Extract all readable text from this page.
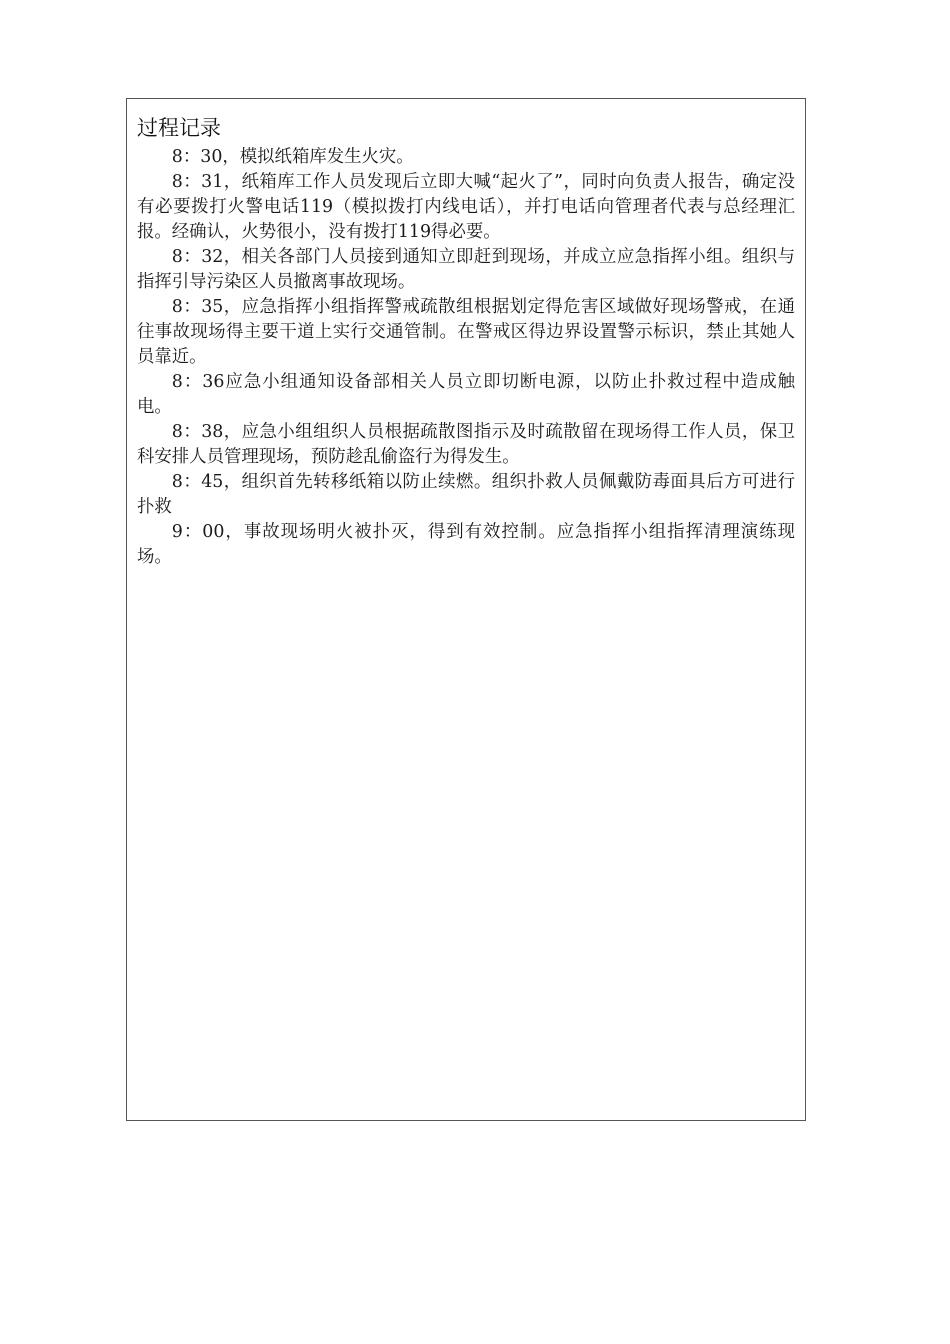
过程记录

8：30，模拟纸箱库发生火灾。

8：31，纸箱库工作人员发现后立即大喊“起火了”，同时向负责人报告，确定没有必要拨打火警电话119（模拟拨打内线电话），并打电话向管理者代表与总经理汇报。经确认，火势很小，没有拨打119得必要。

8：32，相关各部门人员接到通知立即赶到现场，并成立应急指挥小组。组织与指挥引导污染区人员撤离事故现场。

8：35，应急指挥小组指挥警戒疏散组根据划定得危害区域做好现场警戒，在通往事故现场得主要干道上实行交通管制。在警戒区得边界设置警示标识，禁止其她人员靠近。

8：36应急小组通知设备部相关人员立即切断电源，以防止扑救过程中造成触电。

8：38，应急小组组织人员根据疏散图指示及时疏散留在现场得工作人员，保卫科安排人员管理现场，预防趁乱偷盗行为得发生。

8：45，组织首先转移纸箱以防止续燃。组织扑救人员佩戴防毒面具后方可进行扑救

9：00，事故现场明火被扑灭，得到有效控制。应急指挥小组指挥清理演练现场。
